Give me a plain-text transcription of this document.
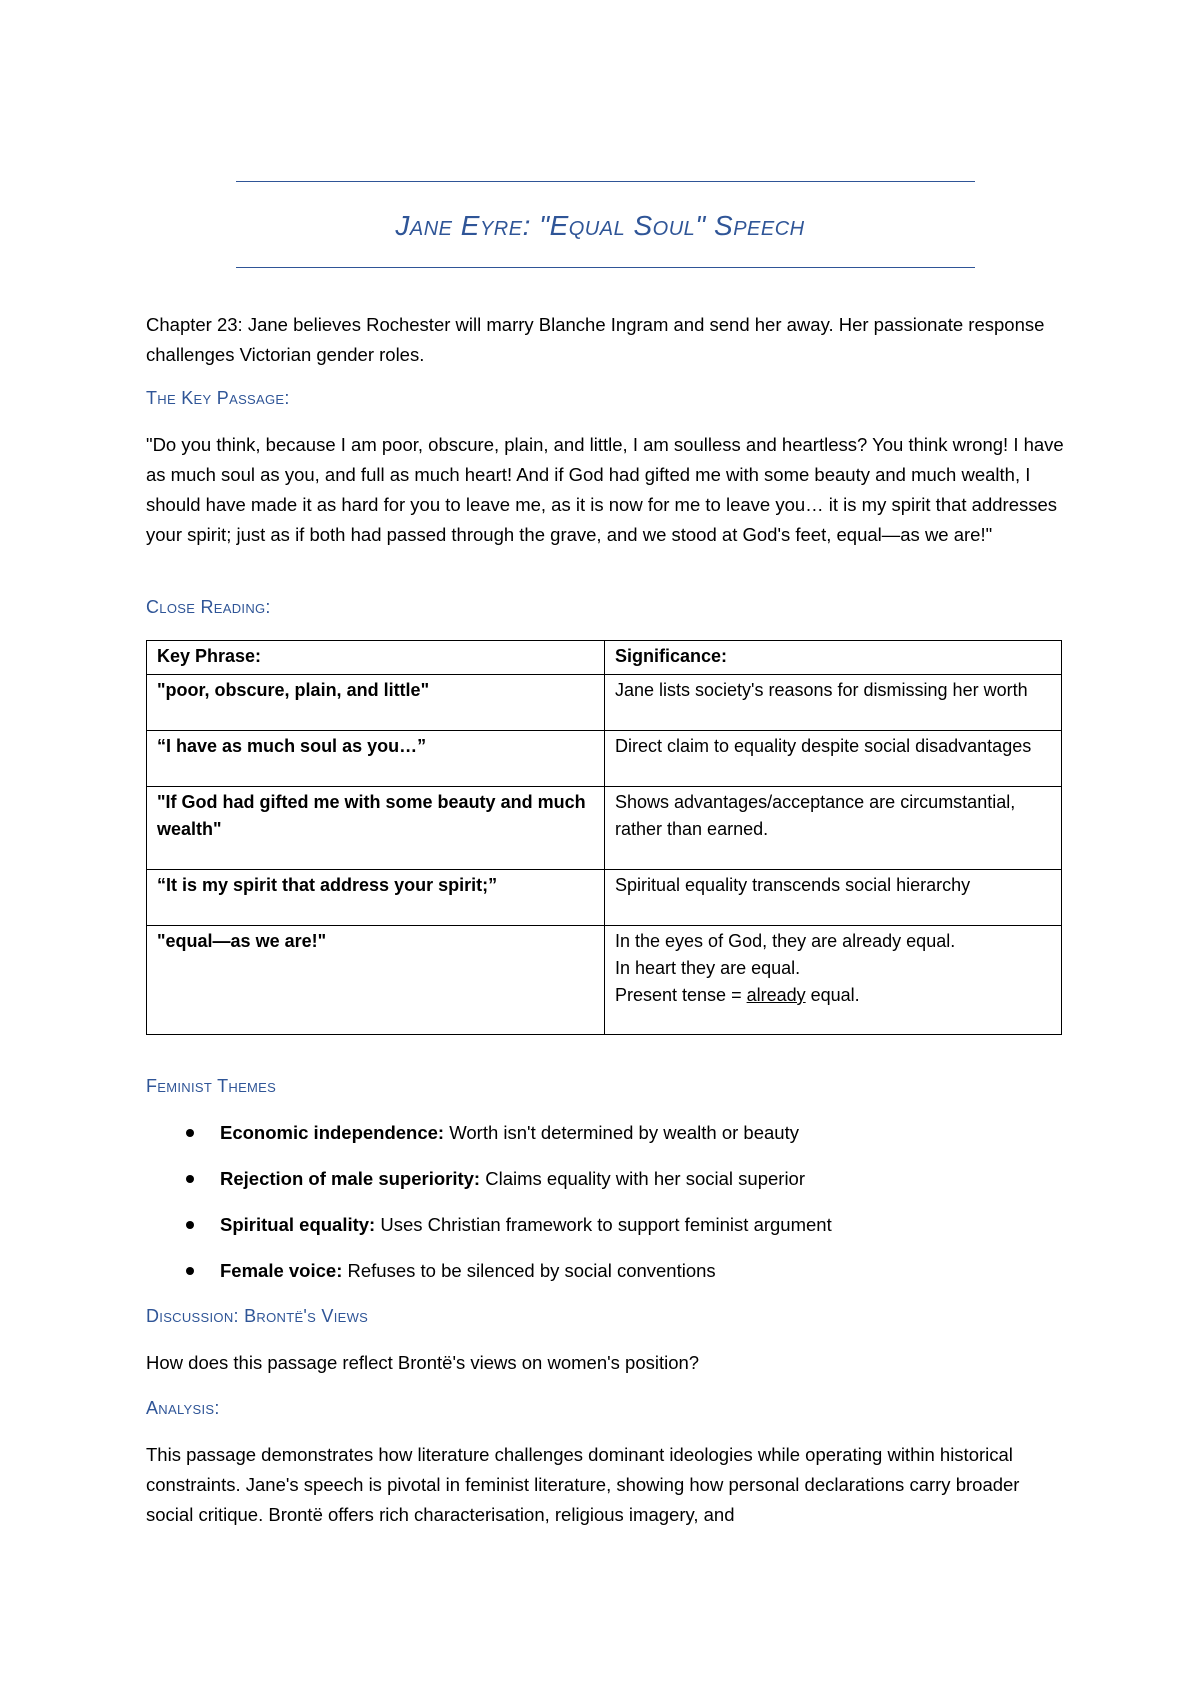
Jane Eyre: "Equal Soul" Speech
Chapter 23: Jane believes Rochester will marry Blanche Ingram and send her away. Her passionate response challenges Victorian gender roles.
The Key Passage:
"Do you think, because I am poor, obscure, plain, and little, I am soulless and heartless? You think wrong! I have as much soul as you, and full as much heart! And if God had gifted me with some beauty and much wealth, I should have made it as hard for you to leave me, as it is now for me to leave you… it is my spirit that addresses your spirit; just as if both had passed through the grave, and we stood at God's feet, equal—as we are!"
Close Reading:
Key Phrase:	Significance:
"poor, obscure, plain, and little"	Jane lists society's reasons for dismissing her worth
“I have as much soul as you…”	Direct claim to equality despite social disadvantages
"If God had gifted me with some beauty and much wealth"	Shows advantages/acceptance are circumstantial, rather than earned.
“It is my spirit that address your spirit;”	Spiritual equality transcends social hierarchy
"equal—as we are!"	In the eyes of God, they are already equal.
In heart they are equal.
Present tense = already equal.
Feminist Themes
Economic independence: Worth isn't determined by wealth or beauty
Rejection of male superiority: Claims equality with her social superior
Spiritual equality: Uses Christian framework to support feminist argument
Female voice: Refuses to be silenced by social conventions
Discussion: Brontë's Views
How does this passage reflect Brontë's views on women's position?
Analysis:
This passage demonstrates how literature challenges dominant ideologies while operating within historical constraints. Jane's speech is pivotal in feminist literature, showing how personal declarations carry broader social critique. Brontë offers rich characterisation, religious imagery, and
